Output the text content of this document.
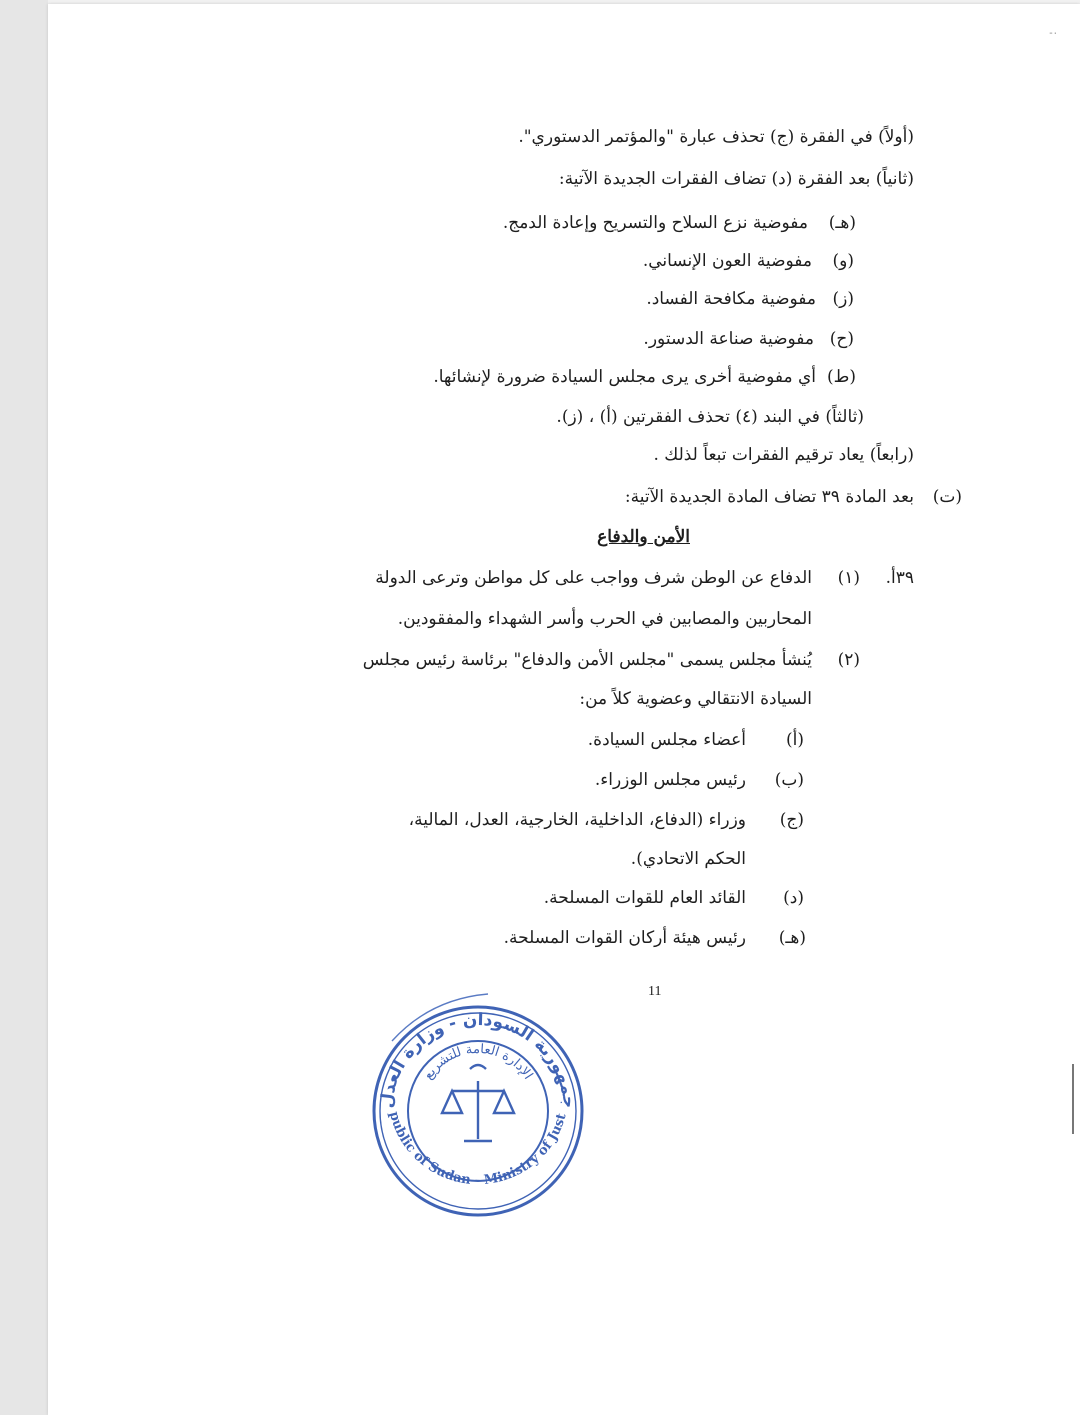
-٠
(أولاً) في الفقرة (ج) تحذف عبارة "والمؤتمر الدستوري".
(ثانياً) بعد الفقرة (د) تضاف الفقرات الجديدة الآتية:
(هـ)
مفوضية نزع السلاح والتسريح وإعادة الدمج.
(و)
مفوضية العون الإنساني.
(ز)
مفوضية مكافحة الفساد.
(ح)
مفوضية صناعة الدستور.
(ط)
أي مفوضية أخرى يرى مجلس السيادة ضرورة لإنشائها.
(ثالثاً) في البند (٤) تحذف الفقرتين (أ) ، (ز).
(رابعاً) يعاد ترقيم الفقرات تبعاً لذلك .
(ت)
بعد المادة ٣٩ تضاف المادة الجديدة الآتية:
الأمن والدفاع
٣٩أ.
(١)
الدفاع عن الوطن شرف وواجب على كل مواطن وترعى الدولة
المحاربين والمصابين في الحرب وأسر الشهداء والمفقودين.
(٢)
يُنشأ مجلس يسمى "مجلس الأمن والدفاع" برئاسة رئيس مجلس
السيادة الانتقالي وعضوية كلاً من:
(أ)
أعضاء مجلس السيادة.
(ب)
رئيس مجلس الوزراء.
(ج)
وزراء (الدفاع، الداخلية، الخارجية، العدل، المالية،
الحكم الاتحادي).
(د)
القائد العام للقوات المسلحة.
(هـ)
رئيس هيئة أركان القوات المسلحة.
11
جمهورية السودان - وزارة العدل
public of Sudan - Ministry of Just
الإدارة العامة للتشريع
